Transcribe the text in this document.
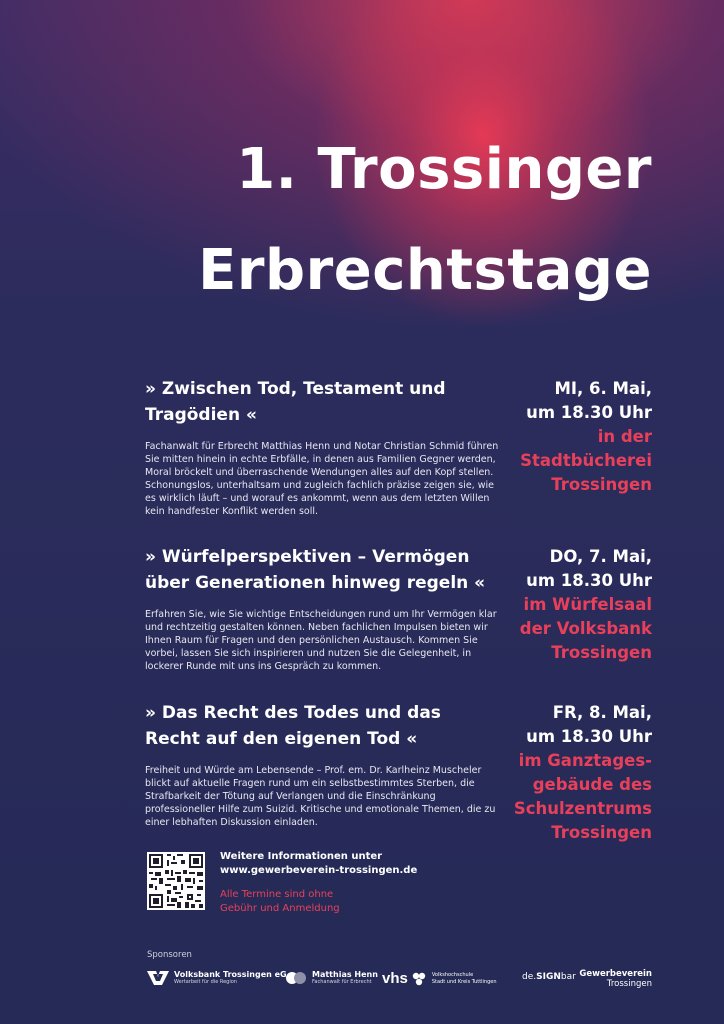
1. Trossinger
Erbrechtstage
» Zwischen Tod, Testament und
Tragödien «

Fachanwalt für Erbrecht Matthias Henn und Notar Christian Schmid führen Sie mitten hinein in echte Erbfälle, in denen aus Familien Gegner werden, Moral bröckelt und überraschende Wendungen alles auf den Kopf stellen. Schonungslos, unterhaltsam und zugleich fachlich präzise zeigen sie, wie es wirklich läuft – und worauf es ankommt, wenn aus dem letzten Willen kein handfester Konflikt werden soll.

MI, 6. Mai,
um 18.30 Uhr
in der
Stadtbücherei
Trossingen
» Würfelperspektiven – Vermögen
über Generationen hinweg regeln «

Erfahren Sie, wie Sie wichtige Entscheidungen rund um Ihr Vermögen klar und rechtzeitig gestalten können. Neben fachlichen Impulsen bieten wir Ihnen Raum für Fragen und den persönlichen Austausch. Kommen Sie vorbei, lassen Sie sich inspirieren und nutzen Sie die Gelegenheit, in lockerer Runde mit uns ins Gespräch zu kommen.

DO, 7. Mai,
um 18.30 Uhr
im Würfelsaal
der Volksbank
Trossingen
» Das Recht des Todes und das
Recht auf den eigenen Tod «

Freiheit und Würde am Lebensende – Prof. em. Dr. Karlheinz Muscheler blickt auf aktuelle Fragen rund um ein selbstbestimmtes Sterben, die Strafbarkeit der Tötung auf Verlangen und die Einschränkung professioneller Hilfe zum Suizid. Kritische und emotionale Themen, die zu einer lebhaften Diskussion einladen.

FR, 8. Mai,
um 18.30 Uhr
im Ganztages-
gebäude des
Schulzentrums
Trossingen
Weitere Informationen unter
www.gewerbeverein-trossingen.de
Alle Termine sind ohne
Gebühr und Anmeldung
Sponsoren
Volksbank Trossingen eG
Wertarbeit für die Region
Matthias Henn
Fachanwalt für Erbrecht vhs	Volkshochschule
Stadt und Kreis Tuttlingen	de. SIGN bar Gewerbeverein
Trossingen
